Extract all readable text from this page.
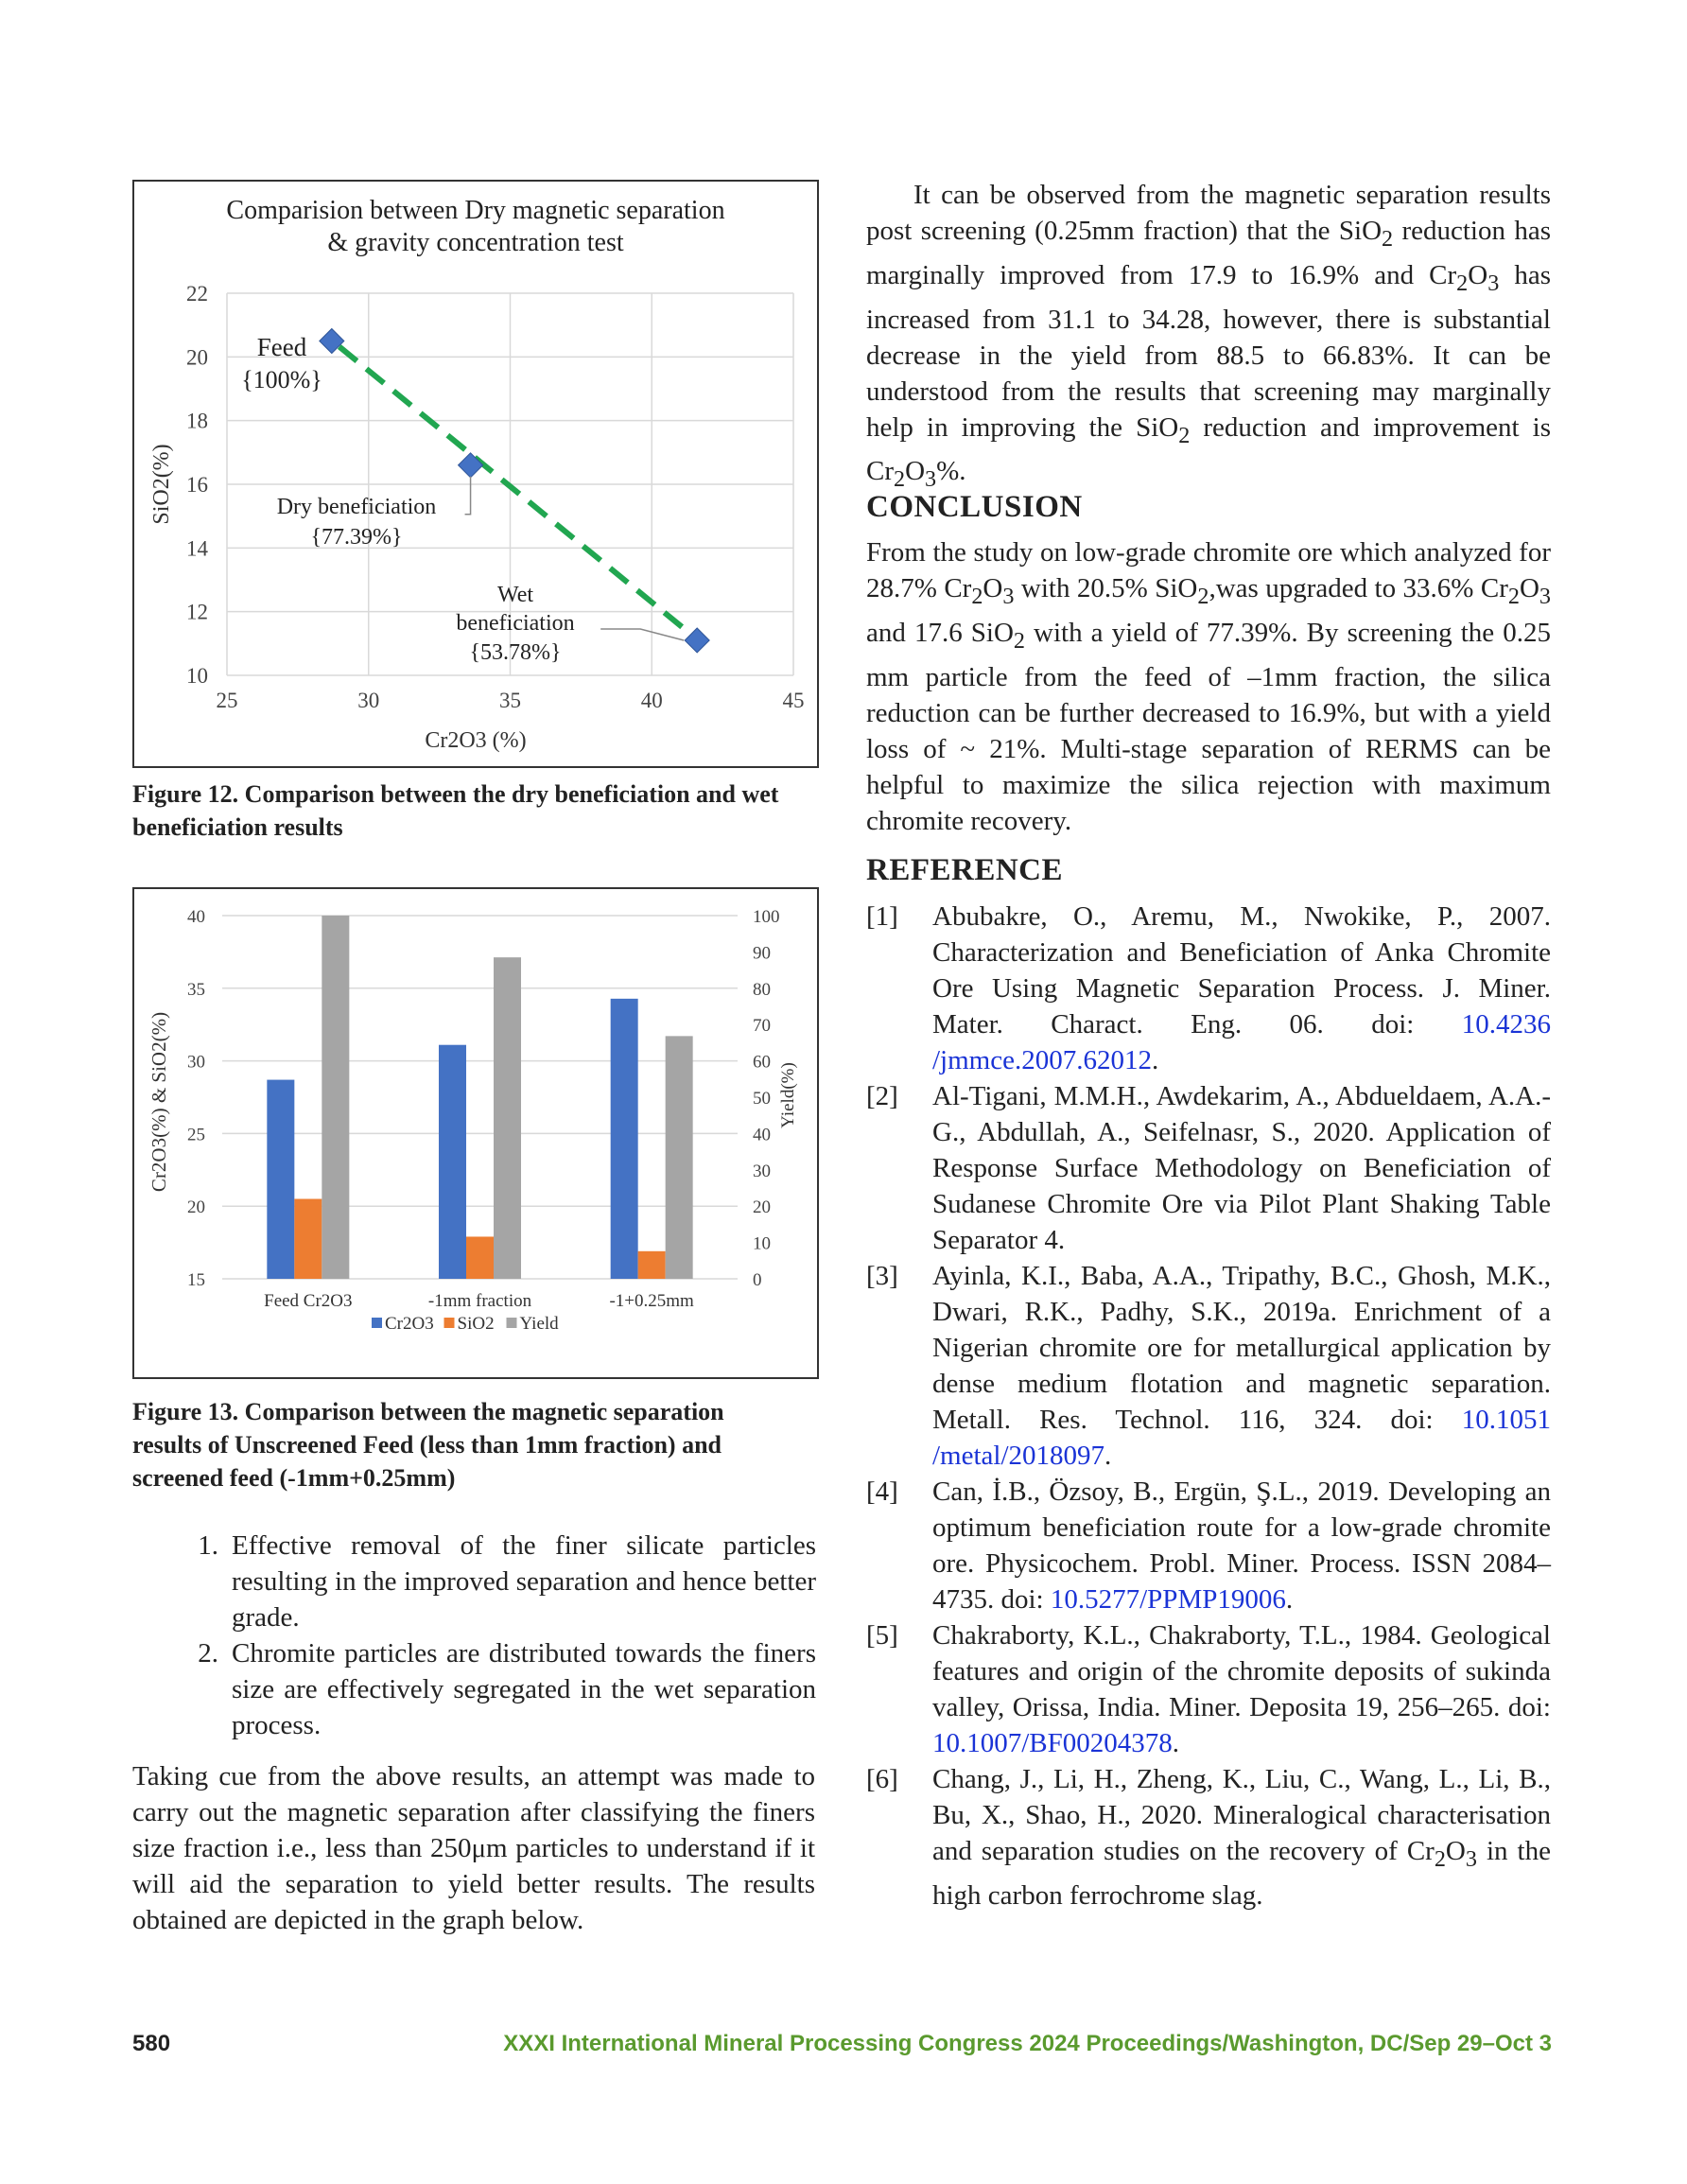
Comparision between Dry magnetic separation
& gravity concentration test
10
12
14
16
18
20
22
25	30	35	40	45
Cr2O3 (%)
SiO2(%)
Feed
{100%}
Dry beneficiation
{77.39%}
Wet
beneficiation
{53.78%}
Figure 12. Comparison between the dry beneficiation and wet beneficiation results
15
20
25
30
35
40
0
10
20
30
40
50
60
70
80
90
100
Feed Cr2O3	-1mm fraction	-1+0.25mm
Cr2O3(%) & SiO2(%)	Yield(%)
Cr2O3 SiO2 Yield
Figure 13. Comparison between the magnetic separation results of Unscreened Feed (less than 1mm fraction) and screened feed (-1mm+0.25mm)
1. Effective removal of the finer silicate particles resulting in the improved separation and hence better grade.
2. Chromite particles are distributed towards the finers size are effectively segregated in the wet separation process.

Taking cue from the above results, an attempt was made to carry out the magnetic separation after classifying the finers size fraction i.e., less than 250μm particles to understand if it will aid the separation to yield better results. The results obtained are depicted in the graph below.

It can be observed from the magnetic separation results post screening (0.25mm fraction) that the SiO$_2$ reduction has marginally improved from 17.9 to 16.9% and $Cr_2O_3$ has increased from 31.1 to 34.28, however, there is substantial decrease in the yield from 88.5 to 66.83%. It can be understood from the results that screening may marginally help in improving the SiO$_2$ reduction and improvement is $Cr_2O_3\%$.

CONCLUSION

From the study on low-grade chromite ore which analyzed for 28.7% $Cr_2O_3$ with 20.5% SiO$_2$,was upgraded to 33.6% $Cr_2O_3$ and 17.6 SiO$_2$ with a yield of 77.39%. By screening the 0.25 mm particle from the feed of –1mm fraction, the silica reduction can be further decreased to 16.9%, but with a yield loss of ~ 21%. Multi-stage separation of RERMS can be helpful to maximize the silica rejection with maximum chromite recovery.

REFERENCE
[1]	Abubakre, O., Aremu, M., Nwokike, P., 2007. Characterization and Beneficiation of Anka Chromite Ore Using Magnetic Separation Process. J. Miner. Mater. Charact. Eng. 06. doi: 10.4236 /jmmce.2007.62012.
[2]	Al-Tigani, M.M.H., Awdekarim, A., Abdueldaem, A.A.-G., Abdullah, A., Seifelnasr, S., 2020. Application of Response Surface Methodology on Beneficiation of Sudanese Chromite Ore via Pilot Plant Shaking Table Separator 4.
[3]	Ayinla, K.I., Baba, A.A., Tripathy, B.C., Ghosh, M.K., Dwari, R.K., Padhy, S.K., 2019a. Enrichment of a Nigerian chromite ore for metallurgical application by dense medium flotation and magnetic separation. Metall. Res. Technol. 116, 324. doi: 10.1051 /metal/2018097.
[4]	Can, İ.B., Özsoy, B., Ergün, Ş.L., 2019. Developing an optimum beneficiation route for a low-grade chromite ore. Physicochem. Probl. Miner. Process. ISSN 2084–4735. doi: 10.5277/PPMP19006.
[5]	Chakraborty, K.L., Chakraborty, T.L., 1984. Geological features and origin of the chromite deposits of sukinda valley, Orissa, India. Miner. Deposita 19, 256–265. doi: 10.1007/BF00204378.
[6]	Chang, J., Li, H., Zheng, K., Liu, C., Wang, L., Li, B., Bu, X., Shao, H., 2020. Mineralogical characterisation and separation studies on the recovery of $Cr_2O_3$ in the high carbon ferrochrome slag.
580	XXXI International Mineral Processing Congress 2024 Proceedings/Washington, DC/Sep 29–Oct 3
